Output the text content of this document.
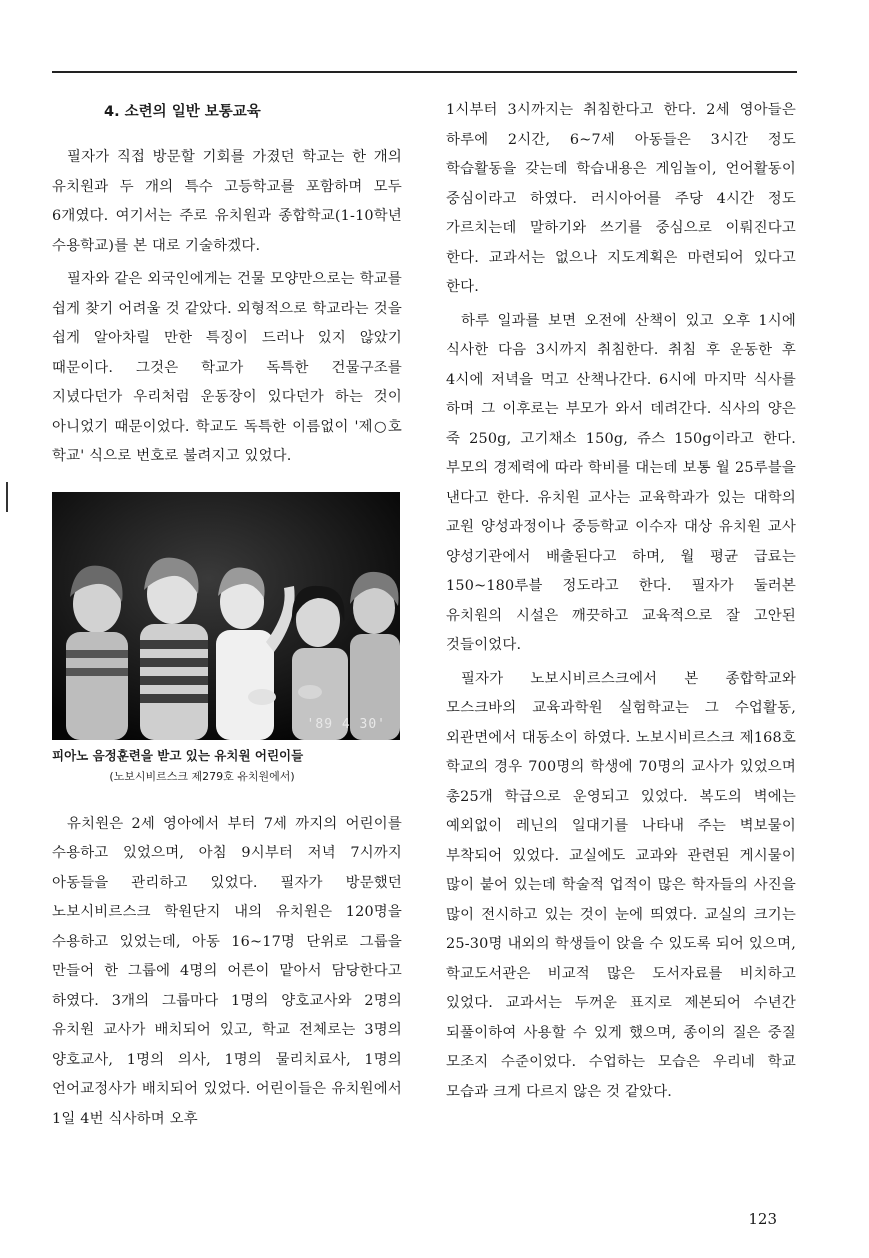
4. 소련의 일반 보통교육

필자가 직접 방문할 기회를 가졌던 학교는 한 개의 유치원과 두 개의 특수 고등학교를 포함하며 모두 6개였다. 여기서는 주로 유치원과 종합학교(1-10학년 수용학교)를 본 대로 기술하겠다.

필자와 같은 외국인에게는 건물 모양만으로는 학교를 쉽게 찾기 어려울 것 같았다. 외형적으로 학교라는 것을 쉽게 알아차릴 만한 특징이 드러나 있지 않았기 때문이다. 그것은 학교가 독특한 건물구조를 지녔다던가 우리처럼 운동장이 있다던가 하는 것이 아니었기 때문이었다. 학교도 독특한 이름없이 '제○호 학교' 식으로 번호로 불려지고 있었다.

'89 4 30'
피아노 음정훈련을 받고 있는 유치원 어린이들
(노보시비르스크 제279호 유치원에서)

유치원은 2세 영아에서 부터 7세 까지의 어린이를 수용하고 있었으며, 아침 9시부터 저녁 7시까지 아동들을 관리하고 있었다. 필자가 방문했던 노보시비르스크 학원단지 내의 유치원은 120명을 수용하고 있었는데, 아동 16~17명 단위로 그룹을 만들어 한 그룹에 4명의 어른이 맡아서 담당한다고 하였다. 3개의 그룹마다 1명의 양호교사와 2명의 유치원 교사가 배치되어 있고, 학교 전체로는 3명의 양호교사, 1명의 의사, 1명의 물리치료사, 1명의 언어교정사가 배치되어 있었다. 어린이들은 유치원에서 1일 4번 식사하며 오후

1시부터 3시까지는 취침한다고 한다. 2세 영아들은 하루에 2시간, 6~7세 아동들은 3시간 정도 학습활동을 갖는데 학습내용은 게임놀이, 언어활동이 중심이라고 하였다. 러시아어를 주당 4시간 정도 가르치는데 말하기와 쓰기를 중심으로 이뤄진다고 한다. 교과서는 없으나 지도계획은 마련되어 있다고 한다.

하루 일과를 보면 오전에 산책이 있고 오후 1시에 식사한 다음 3시까지 취침한다. 취침 후 운동한 후 4시에 저녁을 먹고 산책나간다. 6시에 마지막 식사를 하며 그 이후로는 부모가 와서 데려간다. 식사의 양은 죽 250g, 고기채소 150g, 쥬스 150g이라고 한다. 부모의 경제력에 따라 학비를 대는데 보통 월 25루블을 낸다고 한다. 유치원 교사는 교육학과가 있는 대학의 교원 양성과정이나 중등학교 이수자 대상 유치원 교사 양성기관에서 배출된다고 하며, 월 평균 급료는 150~180루블 정도라고 한다. 필자가 둘러본 유치원의 시설은 깨끗하고 교육적으로 잘 고안된 것들이었다.

필자가 노보시비르스크에서 본 종합학교와 모스크바의 교육과학원 실험학교는 그 수업활동, 외관면에서 대동소이 하였다. 노보시비르스크 제168호 학교의 경우 700명의 학생에 70명의 교사가 있었으며 총25개 학급으로 운영되고 있었다. 복도의 벽에는 예외없이 레닌의 일대기를 나타내 주는 벽보물이 부착되어 있었다. 교실에도 교과와 관련된 게시물이 많이 붙어 있는데 학술적 업적이 많은 학자들의 사진을 많이 전시하고 있는 것이 눈에 띄였다. 교실의 크기는 25-30명 내외의 학생들이 앉을 수 있도록 되어 있으며, 학교도서관은 비교적 많은 도서자료를 비치하고 있었다. 교과서는 두꺼운 표지로 제본되어 수년간 되풀이하여 사용할 수 있게 했으며, 종이의 질은 중질 모조지 수준이었다. 수업하는 모습은 우리네 학교 모습과 크게 다르지 않은 것 같았다.

123
